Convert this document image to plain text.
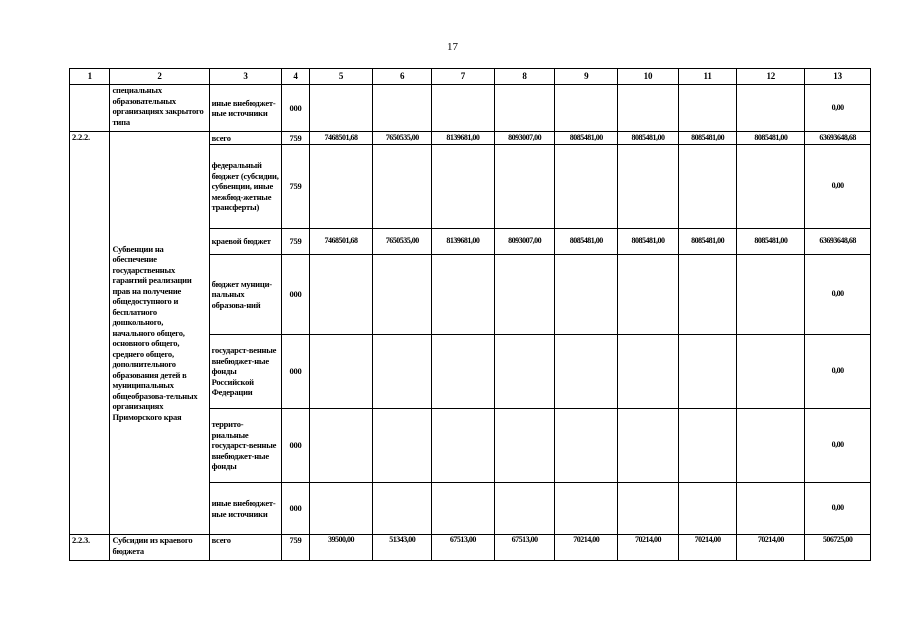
17
1	2	3	4	5	6	7	8	9	10	11	12	13
	специальных образовательных организациях закрытого типа	иные внебюджет-ные источники	000									0,00
2.2.2.	Субвенции на обеспечение государственных гарантий реализации прав на получение общедоступного и бесплатного дошкольного, начального общего, основного общего, среднего общего, дополнительного образования детей в муниципальных общеобразова-тельных организациях Приморского края	всего	759	7468501,68	7650535,00	8139681,00	8093007,00	8085481,00	8085481,00	8085481,00	8085481,00	63693648,68
		федеральный бюджет (субсидии, субвенции, иные межбюд-жетные трансферты)	759									0,00
		краевой бюджет	759	7468501,68	7650535,00	8139681,00	8093007,00	8085481,00	8085481,00	8085481,00	8085481,00	63693648,68
		бюджет муници-пальных образова-ний	000									0,00
		государст-венные внебюджет-ные фонды Российской Федерации	000									0,00
		террито-риальные государст-венные внебюджет-ные фонды	000									0,00
		иные внебюджет-ные источники	000									0,00
2.2.3.	Субсидии из краевого бюджета	всего	759	39500,00	51343,00	67513,00	67513,00	70214,00	70214,00	70214,00	70214,00	506725,00
